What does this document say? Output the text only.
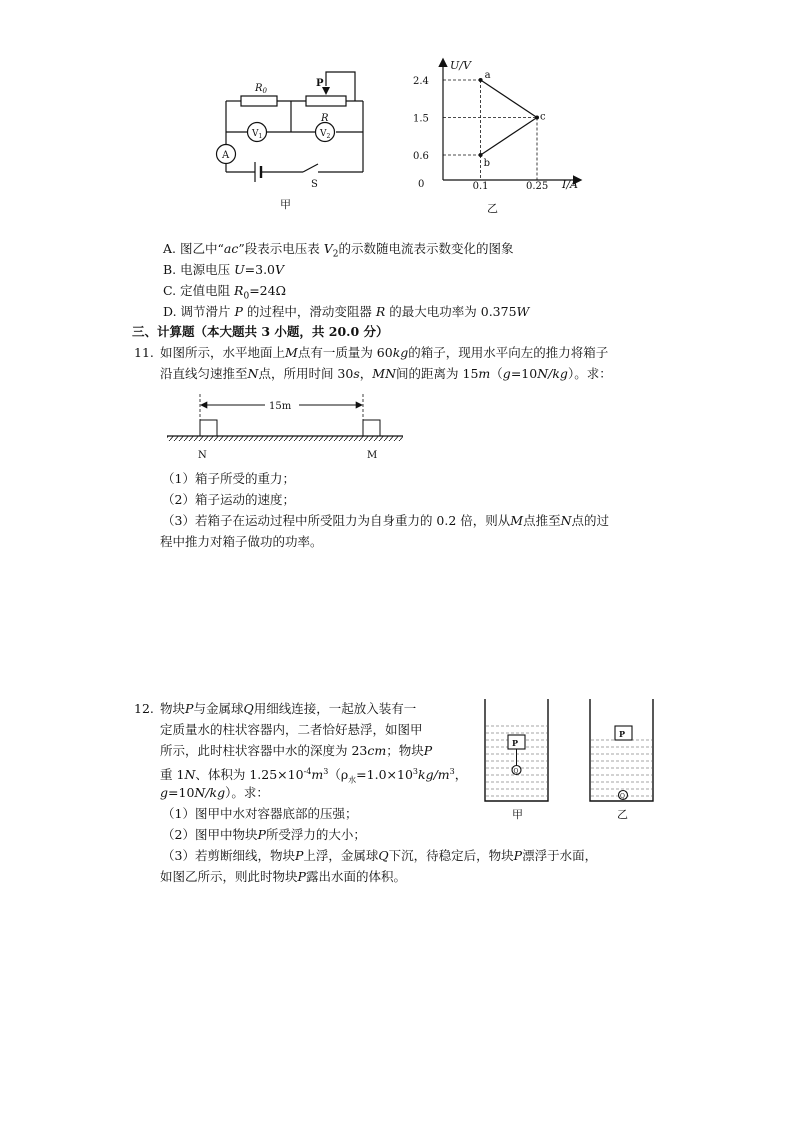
$R_0$
P
R
$V_1$	$V_2$
A
S
甲
U/V
I/A
0
a
b
c
0.6
1.5
2.4
0.1	0.25
乙
A. 图乙中“ac”段表示电压表 $V_2$的示数随电流表示数变化的图象
B. 电源电压 U=3.0V
C. 定值电阻 $R_0=24\Omega$
D. 调节滑片 P 的过程中，滑动变阻器 R 的最大电功率为 0.375W
三、计算题（本大题共 3 小题，共 20.0 分）
11. 如图所示，水平地面上M点有一质量为 60kg的箱子，现用水平向左的推力将箱子
沿直线匀速推至N点，所用时间 30s，MN间的距离为 15m（g=10N/kg）。求：
15m
N	M
（1）箱子所受的重力；
（2）箱子运动的速度；
（3）若箱子在运动过程中所受阻力为自身重力的 0.2 倍，则从M点推至N点的过
程中推力对箱子做功的功率。
12. 物块P与金属球Q用细线连接，一起放入装有一
定质量水的柱状容器内，二者恰好悬浮，如图甲
所示，此时柱状容器中水的深度为 23cm；物块P
重 1N、体积为 $1.25\times 10^{-4}m^3(\rho_水=1.0\times 10^3kg/m^3$，
g=10N/kg）。求：
P
Q
P
Q
甲	乙
（1）图甲中水对容器底部的压强；
（2）图甲中物块P所受浮力的大小；
（3）若剪断细线，物块P上浮，金属球Q下沉，待稳定后，物块P漂浮于水面，
如图乙所示，则此时物块P露出水面的体积。
